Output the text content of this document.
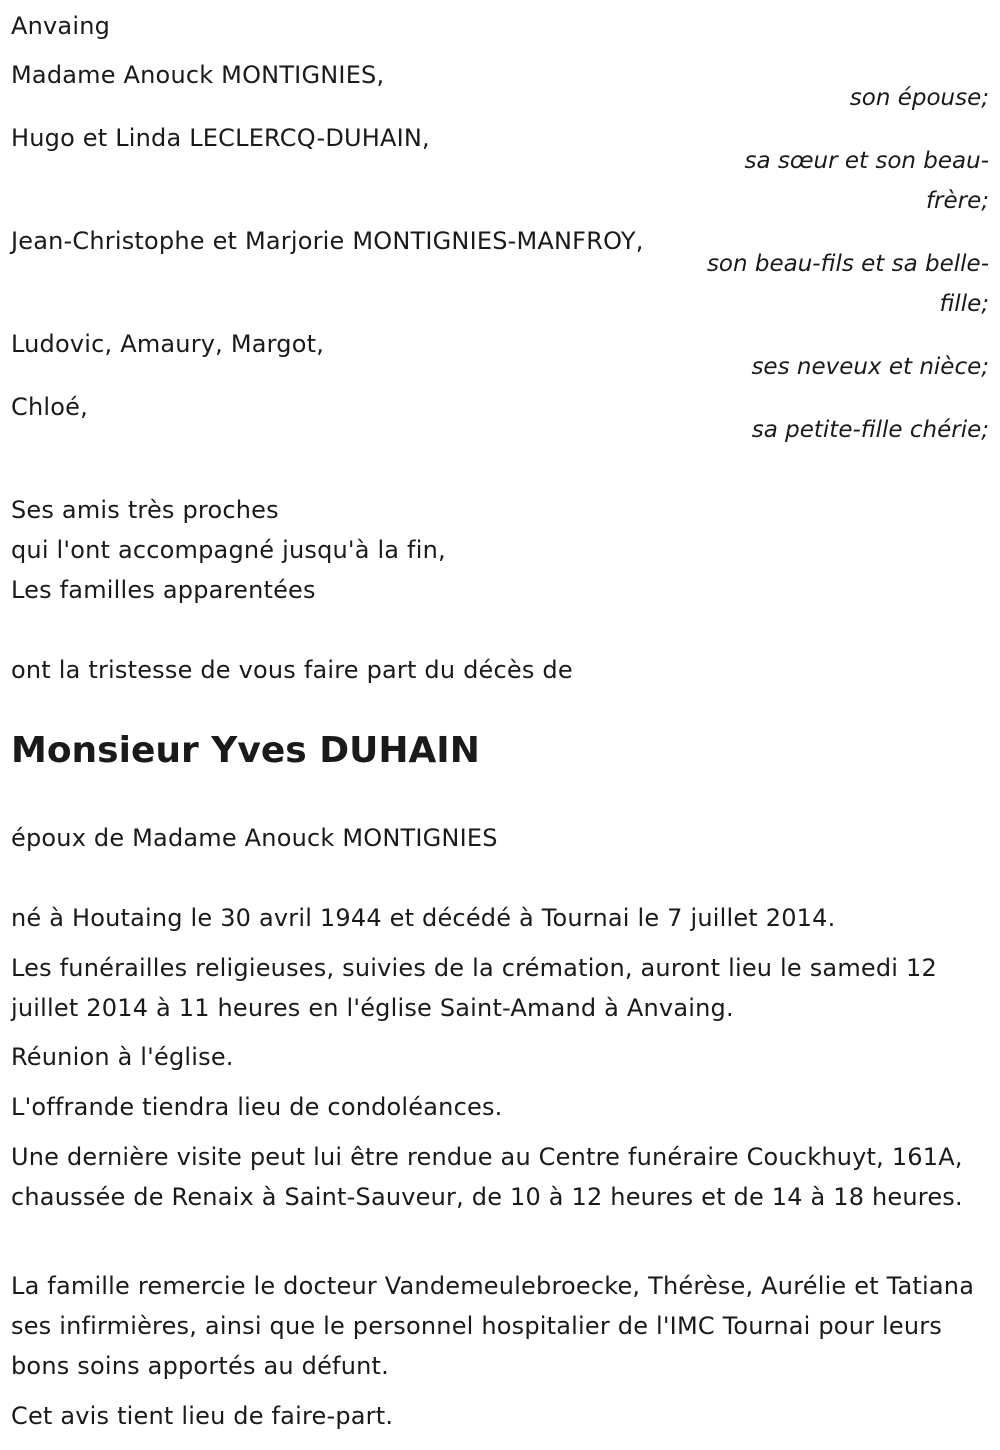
Anvaing
Madame Anouck MONTIGNIES,
son épouse;
Hugo et Linda LECLERCQ-DUHAIN,
sa sœur et son beau-frère;
Jean-Christophe et Marjorie MONTIGNIES-MANFROY,
son beau-fils et sa belle-fille;
Ludovic, Amaury, Margot,
ses neveux et nièce;
Chloé,
sa petite-fille chérie;
Ses amis très proches
qui l'ont accompagné jusqu'à la fin,
Les familles apparentées
ont la tristesse de vous faire part du décès de
Monsieur Yves DUHAIN
époux de Madame Anouck MONTIGNIES
né à Houtaing le 30 avril 1944 et décédé à Tournai le 7 juillet 2014.
Les funérailles religieuses, suivies de la crémation, auront lieu le samedi 12 juillet 2014 à 11 heures en l'église Saint-Amand à Anvaing.
Réunion à l'église.
L'offrande tiendra lieu de condoléances.
Une dernière visite peut lui être rendue au Centre funéraire Couckhuyt, 161A, chaussée de Renaix à Saint-Sauveur, de 10 à 12 heures et de 14 à 18 heures.
La famille remercie le docteur Vandemeulebroecke, Thérèse, Aurélie et Tatiana ses infirmières, ainsi que le personnel hospitalier de l'IMC Tournai pour leurs bons soins apportés au défunt.
Cet avis tient lieu de faire-part.
